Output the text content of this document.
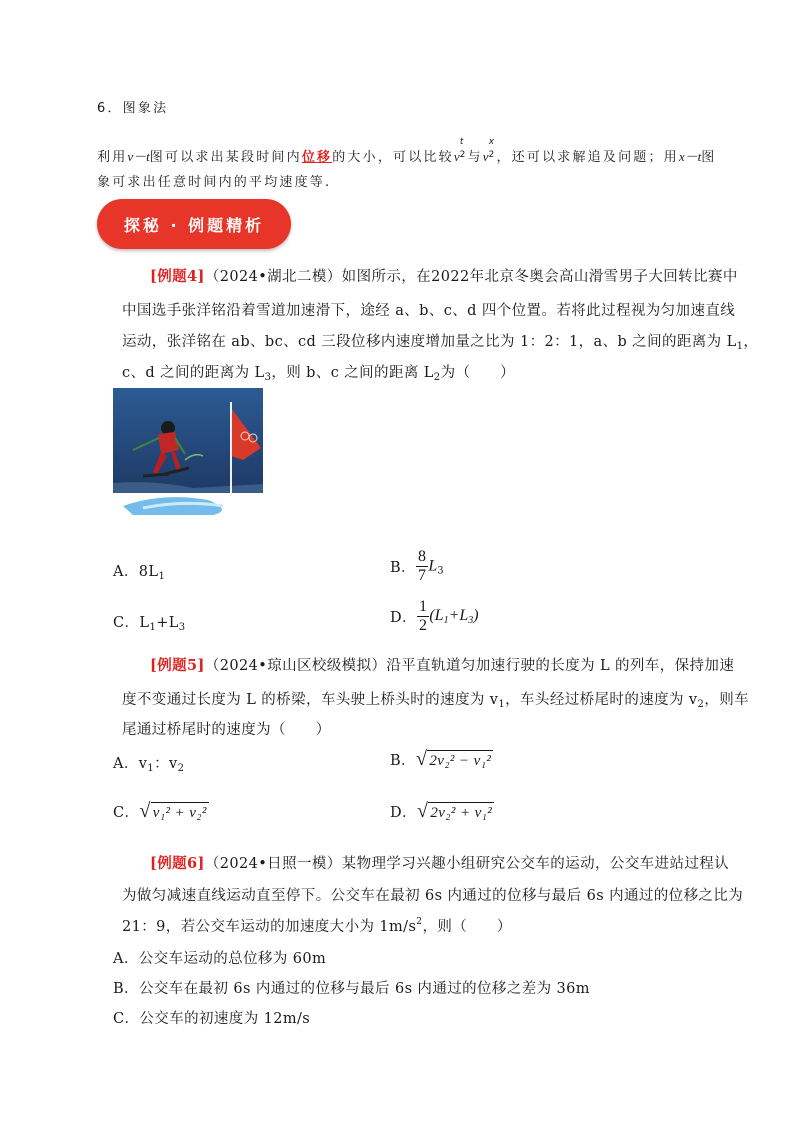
6．图象法
利用v－t图可以求出某段时间内位移的大小，可以比较v
t
$^2$与v
x
$^2$，还可以求解追及问题；用x－t图
象可求出任意时间内的平均速度等.
探秘 · 例题精析
[例题4]（2024•湖北二模）如图所示，在2022年北京冬奥会高山滑雪男子大回转比赛中
中国选手张洋铭沿着雪道加速滑下，途经 a、b、c、d 四个位置。若将此过程视为匀加速直线
运动，张洋铭在 ab、bc、cd 三段位移内速度增加量之比为 1：2：1，a、b 之间的距离为 $L_1$，
c、d 之间的距离为 $L_3$，则 b、c 之间的距离 $L_2$为（　　）
A．$8L_1$
B． $\frac{8}{7} L_3$
C．$L_1+L_3$
D． $\frac{1}{2} (L_1+L_3)$
[例题5]（2024•琼山区校级模拟）沿平直轨道匀加速行驶的长度为 L 的列车，保持加速
度不变通过长度为 L 的桥梁，车头驶上桥头时的速度为 $v_1$，车头经过桥尾时的速度为 $v_2$，则车
尾通过桥尾时的速度为（　　）
A．$v_1$：$v_2$	B．√ 2v₂² − v₁²
C．√ v₁² + v₂²	D．√ 2v₂² + v₁²
[例题6]（2024•日照一模）某物理学习兴趣小组研究公交车的运动，公交车进站过程认
为做匀减速直线运动直至停下。公交车在最初 6s 内通过的位移与最后 6s 内通过的位移之比为
21：9，若公交车运动的加速度大小为 $1m/s^2$，则（　　）
A．公交车运动的总位移为 60m
B．公交车在最初 6s 内通过的位移与最后 6s 内通过的位移之差为 36m
C．公交车的初速度为 12m/s
